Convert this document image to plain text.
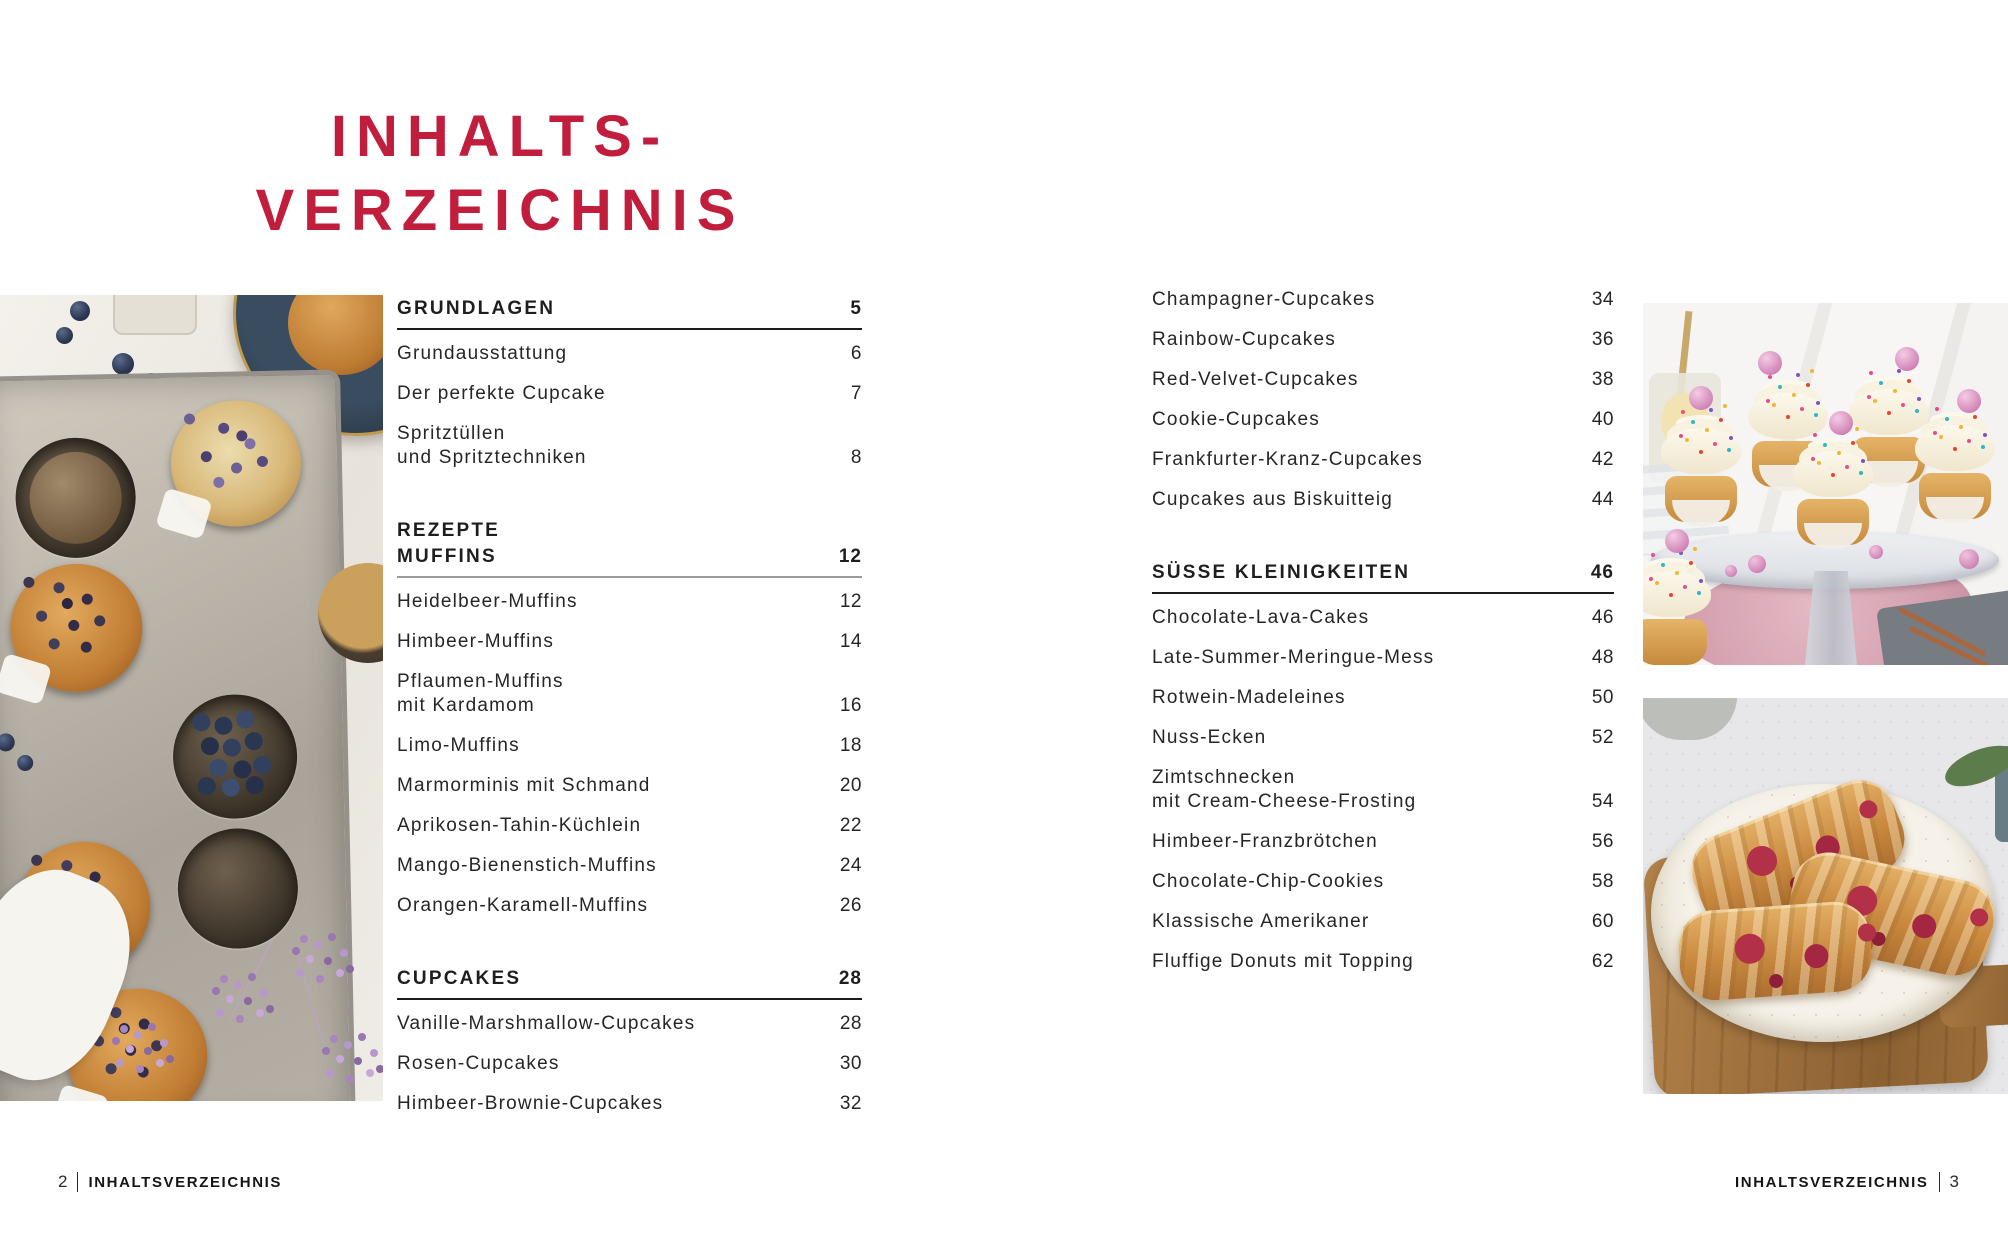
INHALTS-
VERZEICHNIS
GRUNDLAGEN	5
Grundausstattung	6
Der perfekte Cupcake	7
Spritztüllen
und Spritztechniken	8
REZEPTE
MUFFINS	12
Heidelbeer-Muffins	12
Himbeer-Muffins	14
Pflaumen-Muffins
mit Kardamom	16
Limo-Muffins	18
Marmorminis mit Schmand	20
Aprikosen-Tahin-Küchlein	22
Mango-Bienenstich-Muffins	24
Orangen-Karamell-Muffins	26
CUPCAKES	28
Vanille-Marshmallow-Cupcakes	28
Rosen-Cupcakes	30
Himbeer-Brownie-Cupcakes	32
Champagner-Cupcakes	34
Rainbow-Cupcakes	36
Red-Velvet-Cupcakes	38
Cookie-Cupcakes	40
Frankfurter-Kranz-Cupcakes	42
Cupcakes aus Biskuitteig	44
SÜSSE KLEINIGKEITEN	46
Chocolate-Lava-Cakes	46
Late-Summer-Meringue-Mess	48
Rotwein-Madeleines	50
Nuss-Ecken	52
Zimtschnecken
mit Cream-Cheese-Frosting	54
Himbeer-Franzbrötchen	56
Chocolate-Chip-Cookies	58
Klassische Amerikaner	60
Fluffige Donuts mit Topping	62
2 INHALTSVERZEICHNIS	INHALTSVERZEICHNIS 3
